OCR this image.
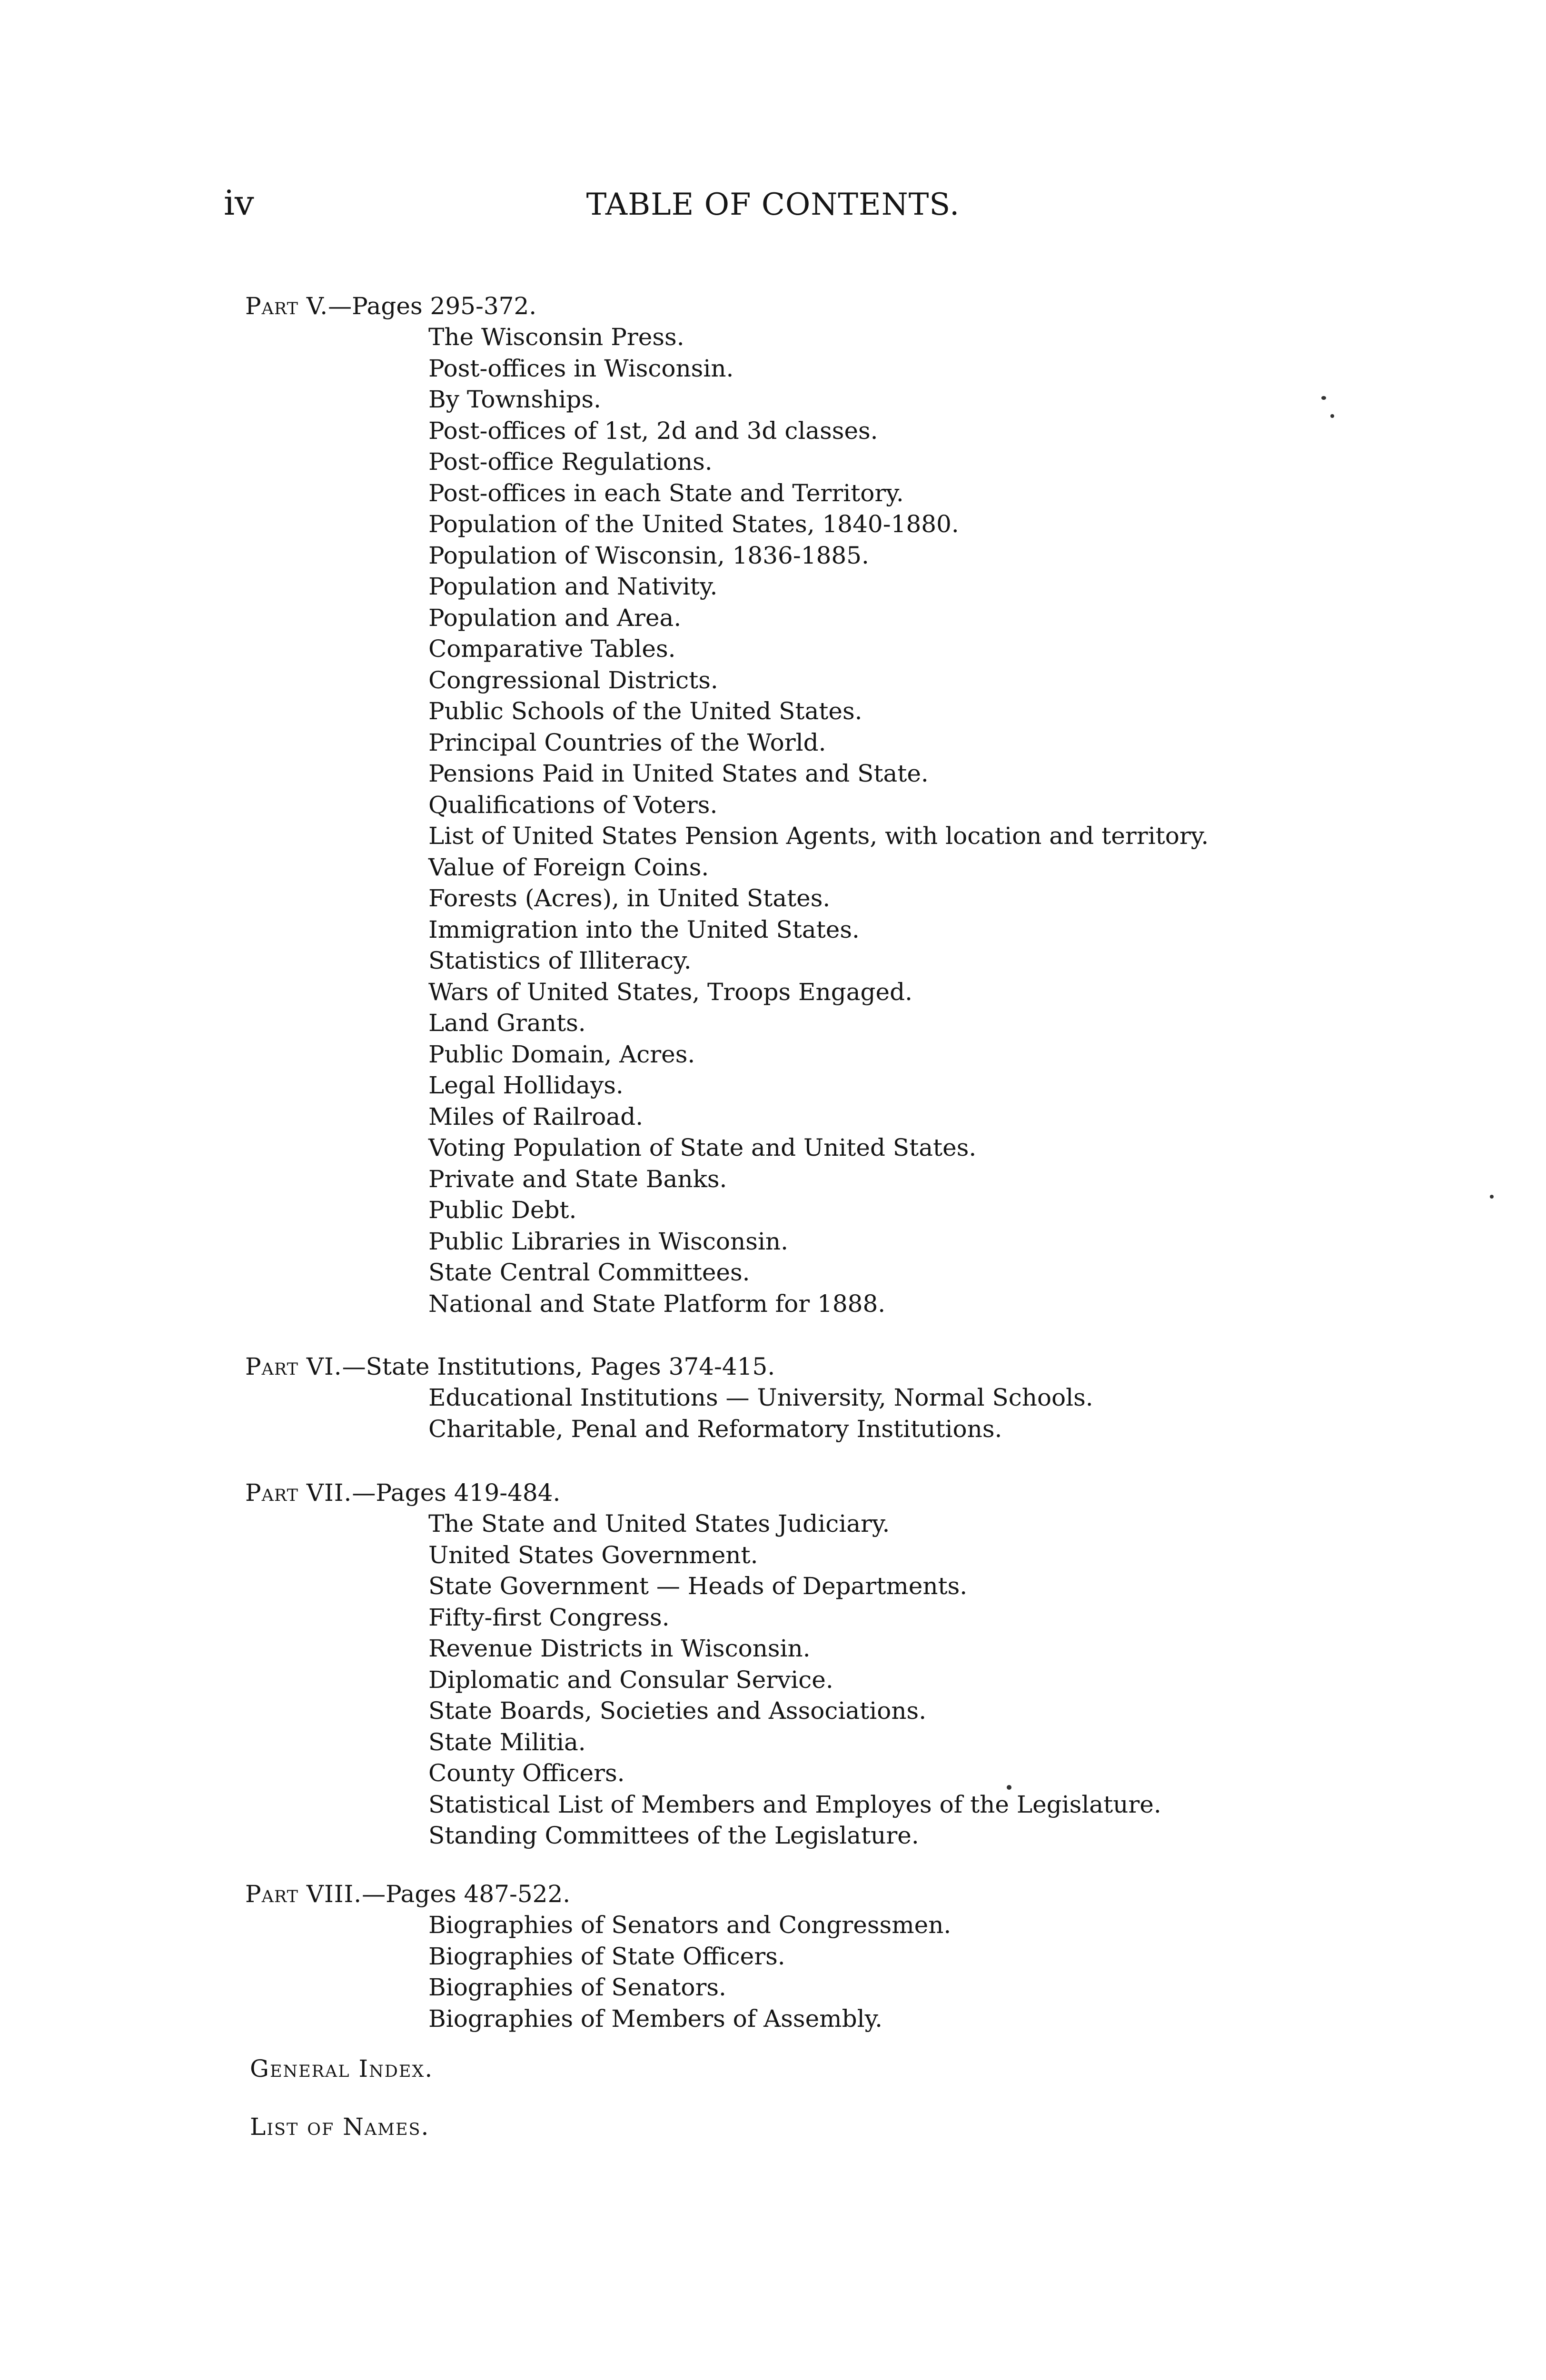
iv	TABLE OF CONTENTS.
Part V.—Pages 295-372.
The Wisconsin Press.
Post-offices in Wisconsin.
By Townships.
Post-offices of 1st, 2d and 3d classes.
Post-office Regulations.
Post-offices in each State and Territory.
Population of the United States, 1840-1880.
Population of Wisconsin, 1836-1885.
Population and Nativity.
Population and Area.
Comparative Tables.
Congressional Districts.
Public Schools of the United States.
Principal Countries of the World.
Pensions Paid in United States and State.
Qualifications of Voters.
List of United States Pension Agents, with location and territory.
Value of Foreign Coins.
Forests (Acres), in United States.
Immigration into the United States.
Statistics of Illiteracy.
Wars of United States, Troops Engaged.
Land Grants.
Public Domain, Acres.
Legal Hollidays.
Miles of Railroad.
Voting Population of State and United States.
Private and State Banks.
Public Debt.
Public Libraries in Wisconsin.
State Central Committees.
National and State Platform for 1888.
Part VI.—State Institutions, Pages 374-415.
Educational Institutions — University, Normal Schools.
Charitable, Penal and Reformatory Institutions.
Part VII.—Pages 419-484.
The State and United States Judiciary.
United States Government.
State Government — Heads of Departments.
Fifty-first Congress.
Revenue Districts in Wisconsin.
Diplomatic and Consular Service.
State Boards, Societies and Associations.
State Militia.
County Officers.
Statistical List of Members and Employes of the Legislature.
Standing Committees of the Legislature.
Part VIII.—Pages 487-522.
Biographies of Senators and Congressmen.
Biographies of State Officers.
Biographies of Senators.
Biographies of Members of Assembly.
General Index.
List of Names.
